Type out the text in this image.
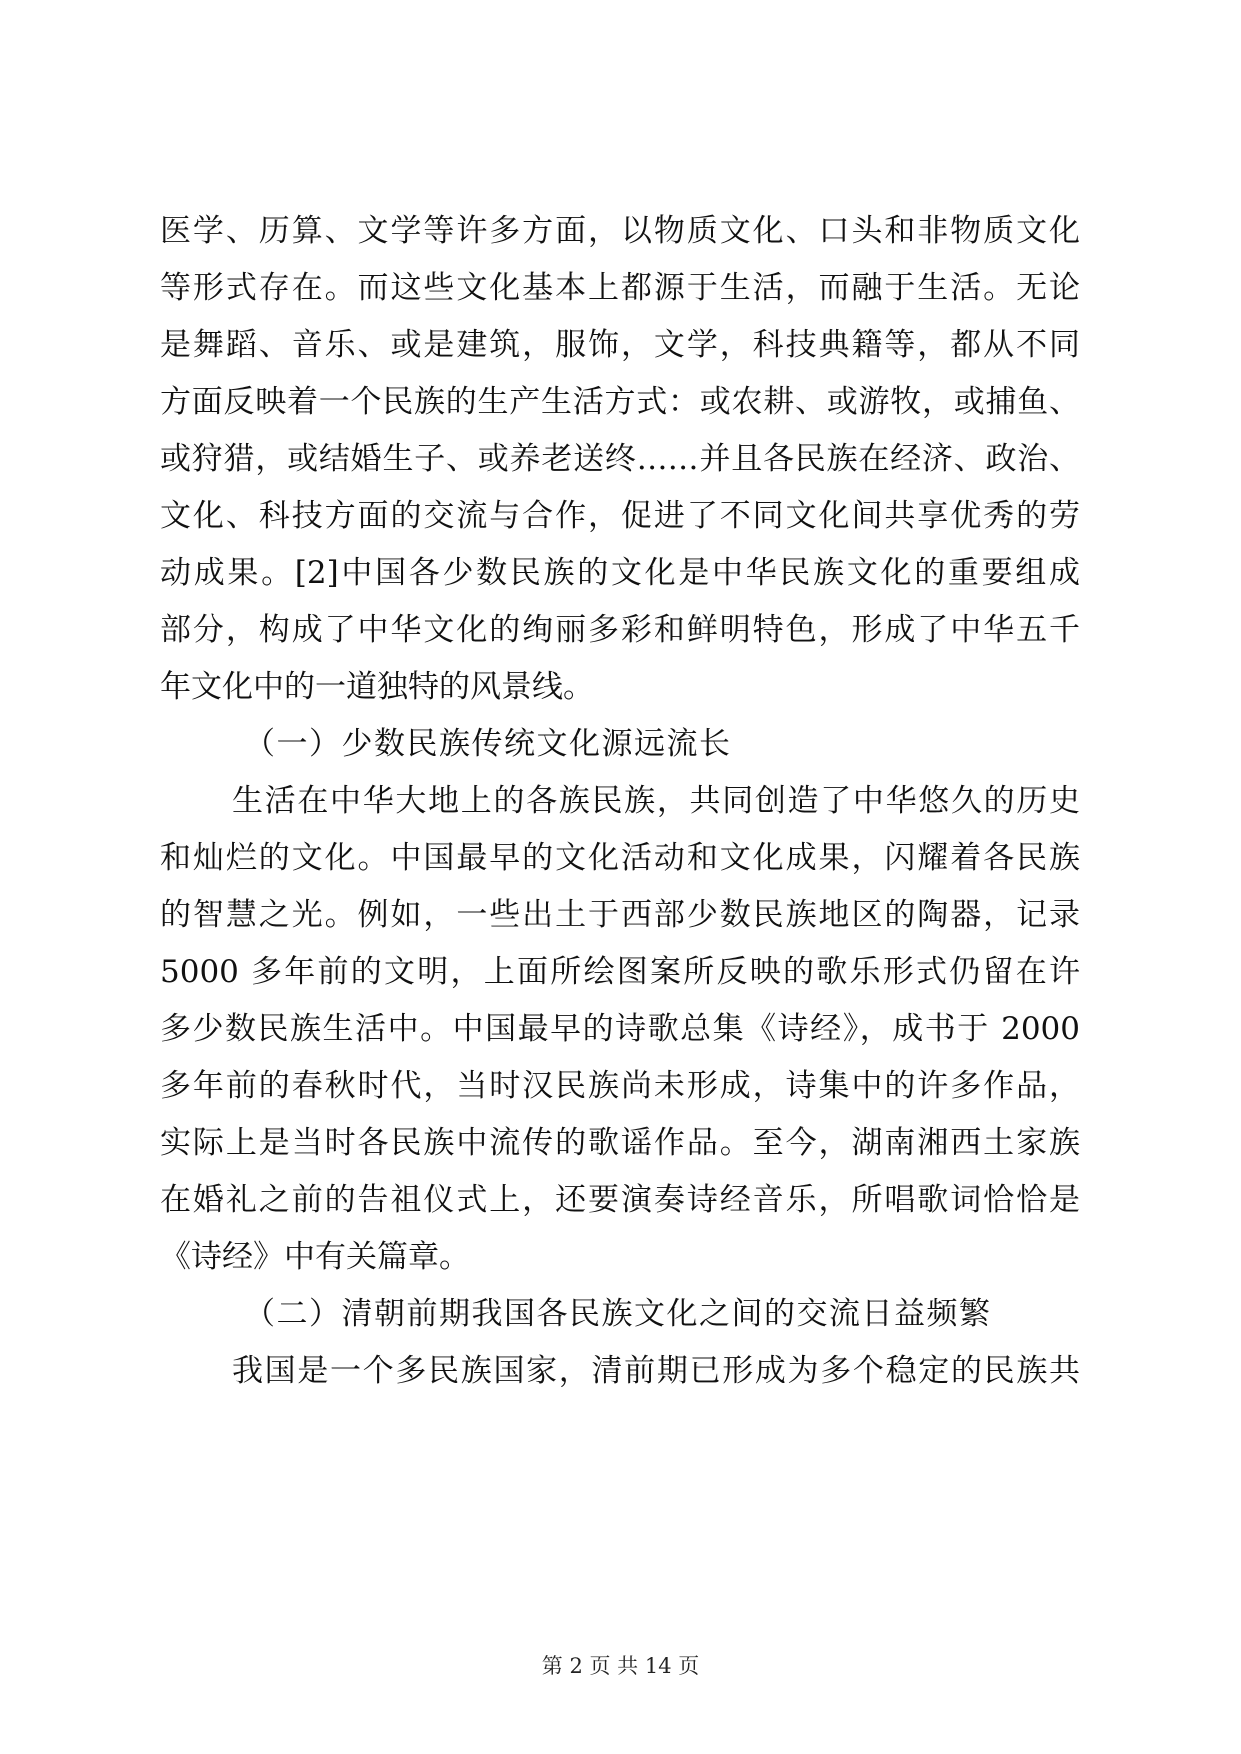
医学、历算、文学等许多方面，以物质文化、口头和非物质文化
等形式存在。而这些文化基本上都源于生活，而融于生活。无论
是舞蹈、音乐、或是建筑，服饰，文学，科技典籍等，都从不同
方面反映着一个民族的生产生活方式：或农耕、或游牧，或捕鱼、
或狩猎，或结婚生子、或养老送终……并且各民族在经济、政治、
文化、科技方面的交流与合作，促进了不同文化间共享优秀的劳
动成果。[2]中国各少数民族的文化是中华民族文化的重要组成
部分，构成了中华文化的绚丽多彩和鲜明特色，形成了中华五千
年文化中的一道独特的风景线。
（一）少数民族传统文化源远流长
生活在中华大地上的各族民族，共同创造了中华悠久的历史
和灿烂的文化。中国最早的文化活动和文化成果，闪耀着各民族
的智慧之光。例如，一些出土于西部少数民族地区的陶器，记录
5000 多年前的文明，上面所绘图案所反映的歌乐形式仍留在许
多少数民族生活中。中国最早的诗歌总集《诗经》，成书于 2000
多年前的春秋时代，当时汉民族尚未形成，诗集中的许多作品，
实际上是当时各民族中流传的歌谣作品。至今，湖南湘西土家族
在婚礼之前的告祖仪式上，还要演奏诗经音乐，所唱歌词恰恰是
《诗经》中有关篇章。
（二）清朝前期我国各民族文化之间的交流日益频繁
我国是一个多民族国家，清前期已形成为多个稳定的民族共
第 2 页 共 14 页
